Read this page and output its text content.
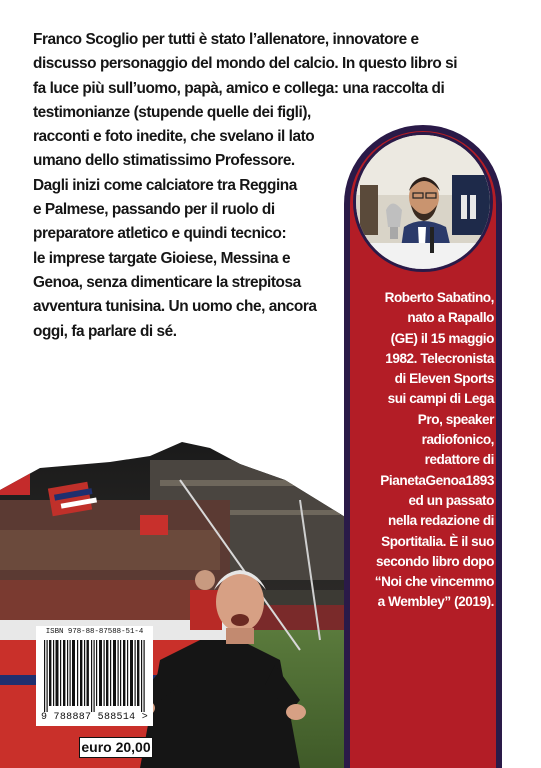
Franco Scoglio per tutti è stato l’allenatore, innovatore e
discusso personaggio del mondo del calcio. In questo libro si
fa luce più sull’uomo, papà, amico e collega: una raccolta di
testimonianze (stupende quelle dei figli),
racconti e foto inedite, che svelano il lato
umano dello stimatissimo Professore.
Dagli inizi come calciatore tra Reggina
e Palmese, passando per il ruolo di
preparatore atletico e quindi tecnico:
le imprese targate Gioiese, Messina e
Genoa, senza dimenticare la strepitosa
avventura tunisina. Un uomo che, ancora
oggi, fa parlare di sé.
Roberto Sabatino,
nato a Rapallo
(GE) il 15 maggio
1982. Telecronista
di Eleven Sports
sui campi di Lega
Pro, speaker
radiofonico,
redattore di
PianetaGenoa1893
ed un passato
nella redazione di
Sportitalia. È il suo
secondo libro dopo
“Noi che vincemmo
a Wembley” (2019).
ISBN 978-88-87588-51-4
9 788887 588514 >
euro 20,00
